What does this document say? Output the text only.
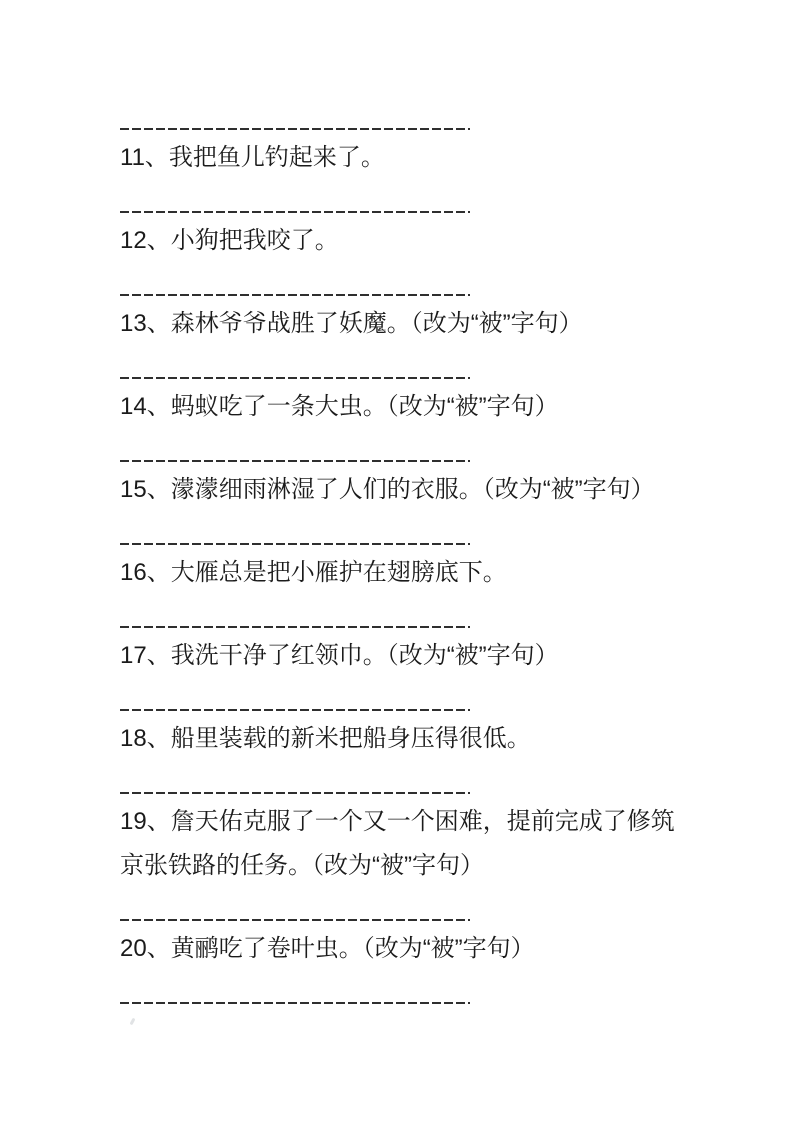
11、我把鱼儿钓起来了。

12、小狗把我咬了。

13、森林爷爷战胜了妖魔。（改为“被”字句）

14、蚂蚁吃了一条大虫。（改为“被”字句）

15、濛濛细雨淋湿了人们的衣服。（改为“被”字句）

16、大雁总是把小雁护在翅膀底下。

17、我洗干净了红领巾。（改为“被”字句）

18、船里装载的新米把船身压得很低。

19、詹天佑克服了一个又一个困难，提前完成了修筑京张铁路的任务。（改为“被”字句）

20、黄鹂吃了卷叶虫。（改为“被”字句）
